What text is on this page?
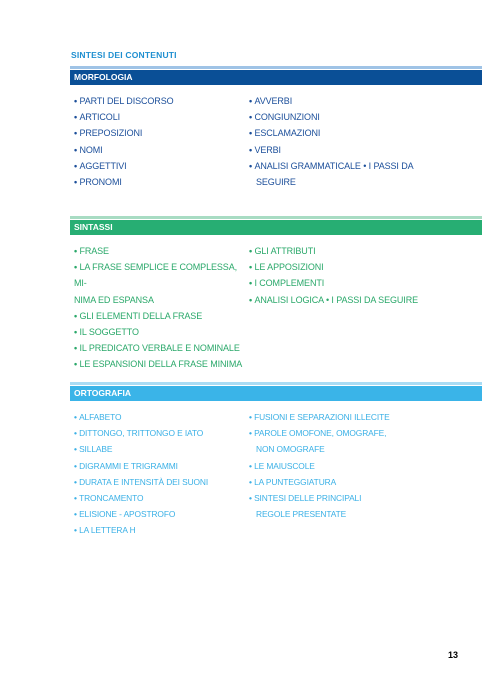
SINTESI DEI CONTENUTI
MORFOLOGIA
• PARTI DEL DISCORSO
• ARTICOLI
• PREPOSIZIONI
• NOMI
• AGGETTIVI
• PRONOMI
• AVVERBI
• CONGIUNZIONI
• ESCLAMAZIONI
• VERBI
• ANALISI GRAMMATICALE • I PASSI DA
SEGUIRE
SINTASSI
• FRASE
• LA FRASE SEMPLICE E COMPLESSA, MI-
NIMA ED ESPANSA
• GLI ELEMENTI DELLA FRASE
• IL SOGGETTO
• IL PREDICATO VERBALE E NOMINALE
• LE ESPANSIONI DELLA FRASE MINIMA
• GLI ATTRIBUTI
• LE APPOSIZIONI
• I COMPLEMENTI
• ANALISI LOGICA • I PASSI DA SEGUIRE
ORTOGRAFIA
• ALFABETO
• DITTONGO, TRITTONGO E IATO
• SILLABE
• DIGRAMMI E TRIGRAMMI
• DURATA E INTENSITÀ DEI SUONI
• TRONCAMENTO
• ELISIONE - APOSTROFO
• LA LETTERA H
• FUSIONI E SEPARAZIONI ILLECITE
• PAROLE OMOFONE, OMOGRAFE,
NON OMOGRAFE
• LE MAIUSCOLE
• LA PUNTEGGIATURA
• SINTESI DELLE PRINCIPALI
REGOLE PRESENTATE
13
